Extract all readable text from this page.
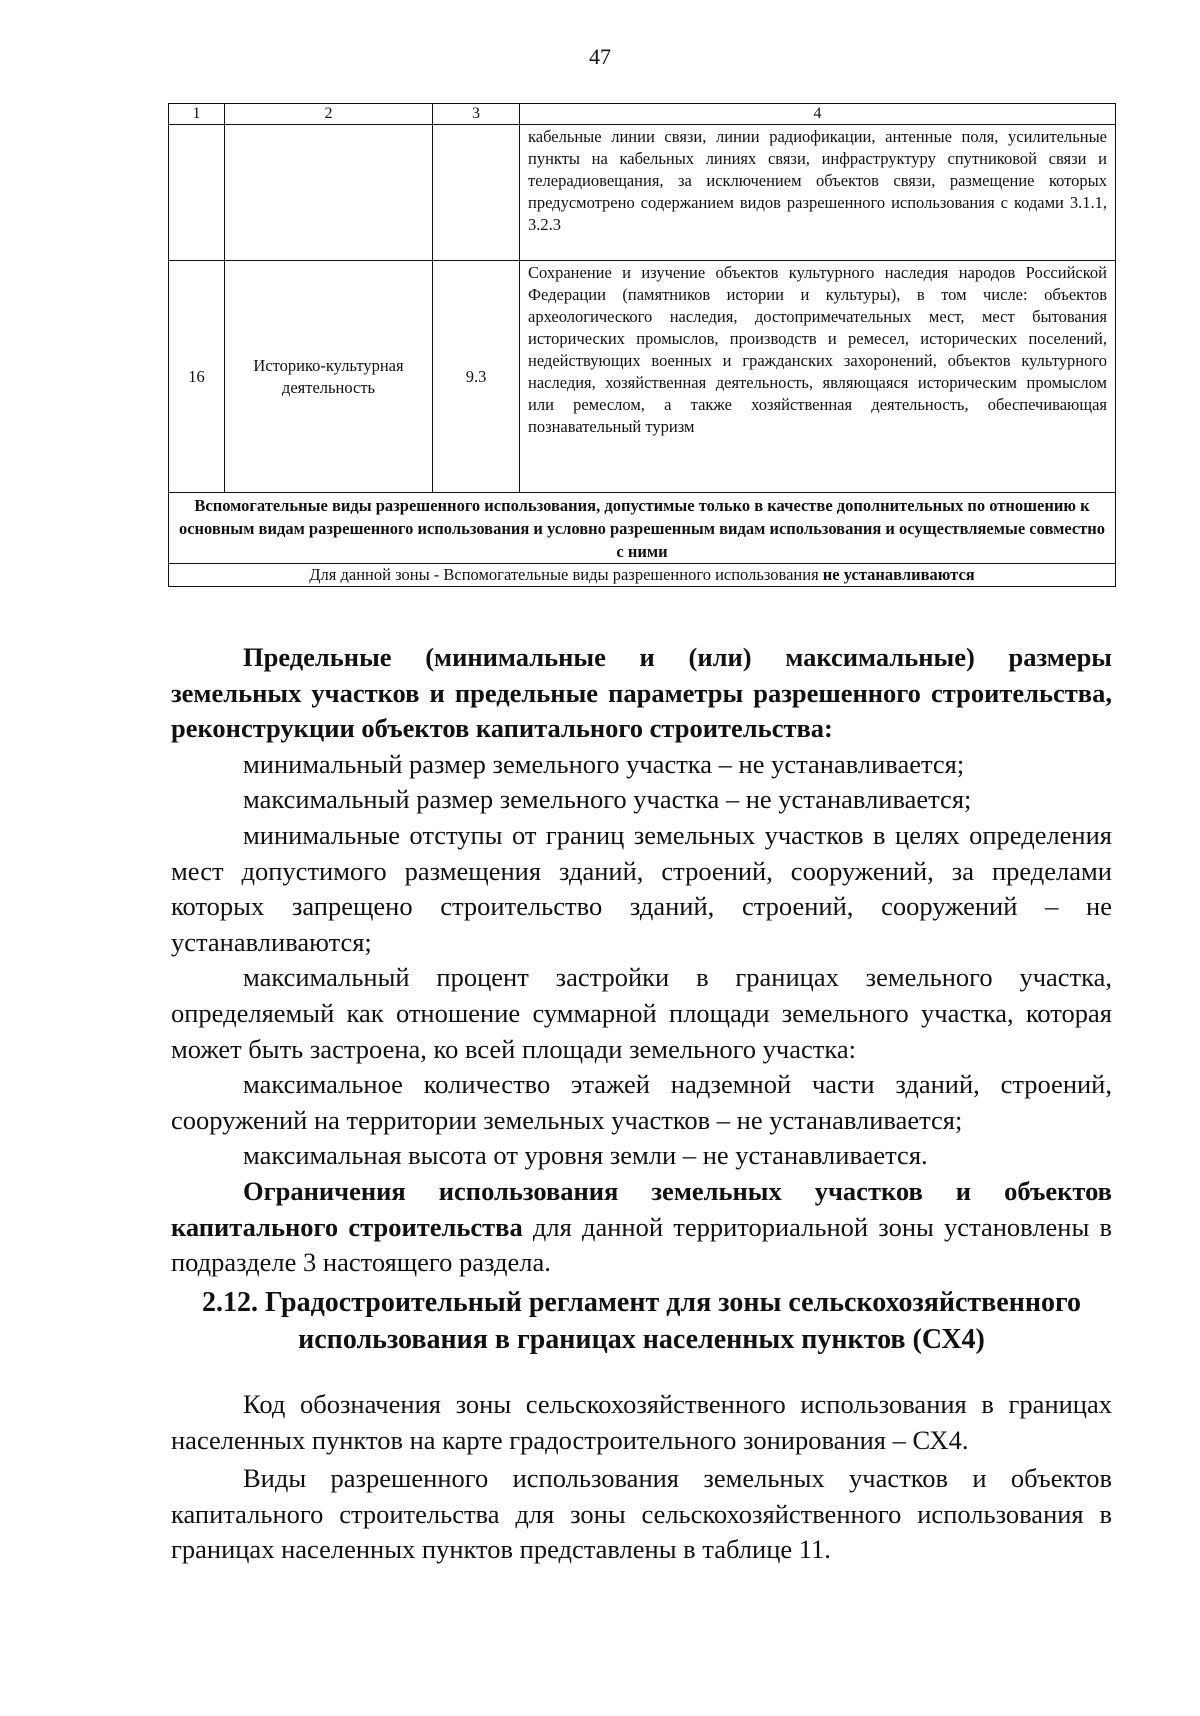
47
1	2	3	4
			кабельные линии связи, линии радиофикации, антенные поля, усилительные пункты на кабельных линиях связи, инфраструктуру спутниковой связи и телерадиовещания, за исключением объектов связи, размещение которых предусмотрено содержанием видов разрешенного использования с кодами 3.1.1, 3.2.3
16	Историко-культурная деятельность	9.3	Сохранение и изучение объектов культурного наследия народов Российской Федерации (памятников истории и культуры), в том числе: объектов археологического наследия, достопримечательных мест, мест бытования исторических промыслов, производств и ремесел, исторических поселений, недействующих военных и гражданских захоронений, объектов культурного наследия, хозяйственная деятельность, являющаяся историческим промыслом или ремеслом, а также хозяйственная деятельность, обеспечивающая познавательный туризм
Вспомогательные виды разрешенного использования, допустимые только в качестве дополнительных по отношению к основным видам разрешенного использования и условно разрешенным видам использования и осуществляемые совместно с ними			
Для данной зоны - Вспомогательные виды разрешенного использования не устанавливаются			

Предельные (минимальные и (или) максимальные) размеры земельных участков и предельные параметры разрешенного строительства, реконструкции объектов капитального строительства:

минимальный размер земельного участка – не устанавливается;

максимальный размер земельного участка – не устанавливается;

минимальные отступы от границ земельных участков в целях определения мест допустимого размещения зданий, строений, сооружений, за пределами которых запрещено строительство зданий, строений, сооружений – не устанавливаются;

максимальный процент застройки в границах земельного участка, определяемый как отношение суммарной площади земельного участка, которая может быть застроена, ко всей площади земельного участка:

максимальное количество этажей надземной части зданий, строений, сооружений на территории земельных участков – не устанавливается;

максимальная высота от уровня земли – не устанавливается.

Ограничения использования земельных участков и объектов капитального строительства для данной территориальной зоны установлены в подразделе 3 настоящего раздела.

2.12. Градостроительный регламент для зоны сельскохозяйственного использования в границах населенных пунктов (СХ4)

Код обозначения зоны сельскохозяйственного использования в границах населенных пунктов на карте градостроительного зонирования – СХ4.

Виды разрешенного использования земельных участков и объектов капитального строительства для зоны сельскохозяйственного использования в границах населенных пунктов представлены в таблице 11.
